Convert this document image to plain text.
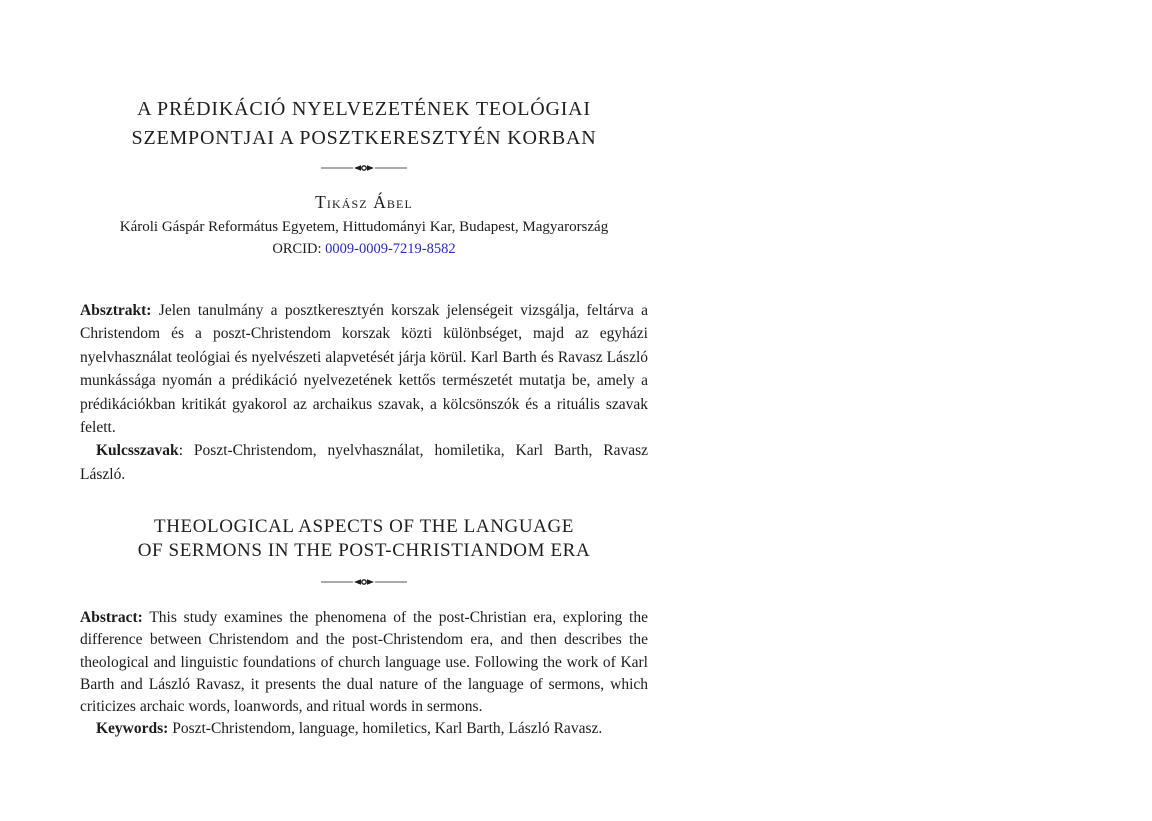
A PRÉDIKÁCIÓ NYELVEZETÉNEK TEOLÓGIAI
SZEMPONTJAI A POSZTKERESZTYÉN KORBAN
Tikász Ábel
Károli Gáspár Református Egyetem, Hittudományi Kar, Budapest, Magyarország
ORCID: 0009-0009-7219-8582

Absztrakt: Jelen tanulmány a posztkeresztyén korszak jelenségeit vizsgálja, feltárva a Christendom és a poszt-Christendom korszak közti különbséget, majd az egyházi nyelvhasználat teológiai és nyelvészeti alapvetését járja körül. Karl Barth és Ravasz László munkássága nyomán a prédikáció nyelvezetének kettős természetét mutatja be, amely a prédikációkban kritikát gyakorol az archaikus szavak, a kölcsönszók és a rituális szavak felett.

Kulcsszavak: Poszt-Christendom, nyelvhasználat, homiletika, Karl Barth, Ravasz László.

THEOLOGICAL ASPECTS OF THE LANGUAGE
OF SERMONS IN THE POST-CHRISTIANDOM ERA

Abstract: This study examines the phenomena of the post-Christian era, exploring the difference between Christendom and the post-Christendom era, and then describes the theological and linguistic foundations of church language use. Following the work of Karl Barth and László Ravasz, it presents the dual nature of the language of sermons, which criticizes archaic words, loanwords, and ritual words in sermons.

Keywords: Poszt-Christendom, language, homiletics, Karl Barth, László Ravasz.
